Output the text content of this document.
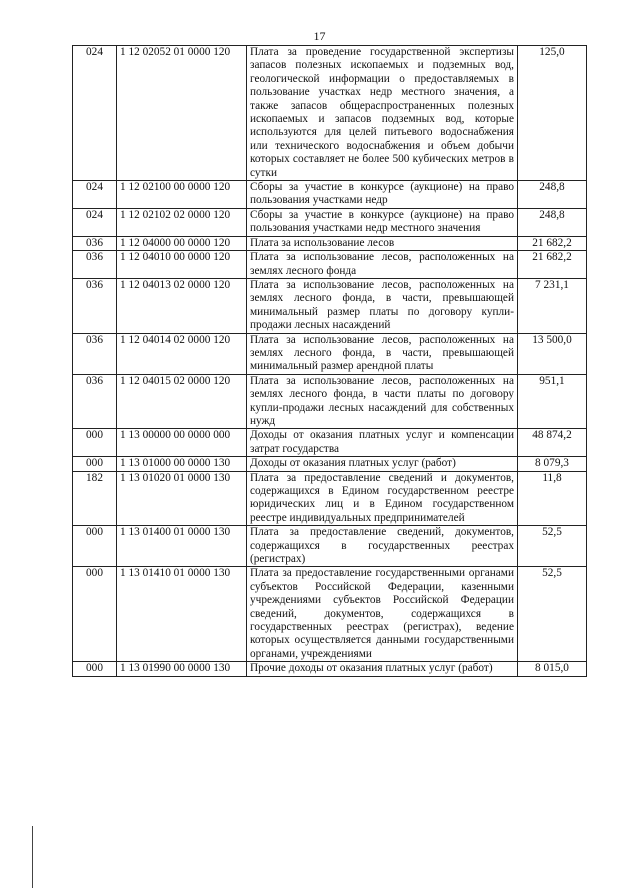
17
024	1 12 02052 01 0000 120	Плата за проведение государственной экспертизы запасов полезных ископаемых и подземных вод, геологической информации о предоставляемых в пользование участках недр местного значения, а также запасов общераспространенных полезных ископаемых и запасов подземных вод, которые используются для целей питьевого водоснабжения или технического водоснабжения и объем добычи которых составляет не более 500 кубических метров в сутки	125,0
024	1 12 02100 00 0000 120	Сборы за участие в конкурсе (аукционе) на право пользования участками недр	248,8
024	1 12 02102 02 0000 120	Сборы за участие в конкурсе (аукционе) на право пользования участками недр местного значения	248,8
036	1 12 04000 00 0000 120	Плата за использование лесов	21 682,2
036	1 12 04010 00 0000 120	Плата за использование лесов, расположенных на землях лесного фонда	21 682,2
036	1 12 04013 02 0000 120	Плата за использование лесов, расположенных на землях лесного фонда, в части, превышающей минимальный размер платы по договору купли-продажи лесных насаждений	7 231,1
036	1 12 04014 02 0000 120	Плата за использование лесов, расположенных на землях лесного фонда, в части, превышающей минимальный размер арендной платы	13 500,0
036	1 12 04015 02 0000 120	Плата за использование лесов, расположенных на землях лесного фонда, в части платы по договору купли-продажи лесных насаждений для собственных нужд	951,1
000	1 13 00000 00 0000 000	Доходы от оказания платных услуг и компенсации затрат государства	48 874,2
000	1 13 01000 00 0000 130	Доходы от оказания платных услуг (работ)	8 079,3
182	1 13 01020 01 0000 130	Плата за предоставление сведений и документов, содержащихся в Едином государственном реестре юридических лиц и в Едином государственном реестре индивидуальных предпринимателей	11,8
000	1 13 01400 01 0000 130	Плата за предоставление сведений, документов, содержащихся в государственных реестрах (регистрах)	52,5
000	1 13 01410 01 0000 130	Плата за предоставление государственными органами субъектов Российской Федерации, казенными учреждениями субъектов Российской Федерации сведений, документов, содержащихся в государственных реестрах (регистрах), ведение которых осуществляется данными государственными органами, учреждениями	52,5
000	1 13 01990 00 0000 130	Прочие доходы от оказания платных услуг (работ)	8 015,0
